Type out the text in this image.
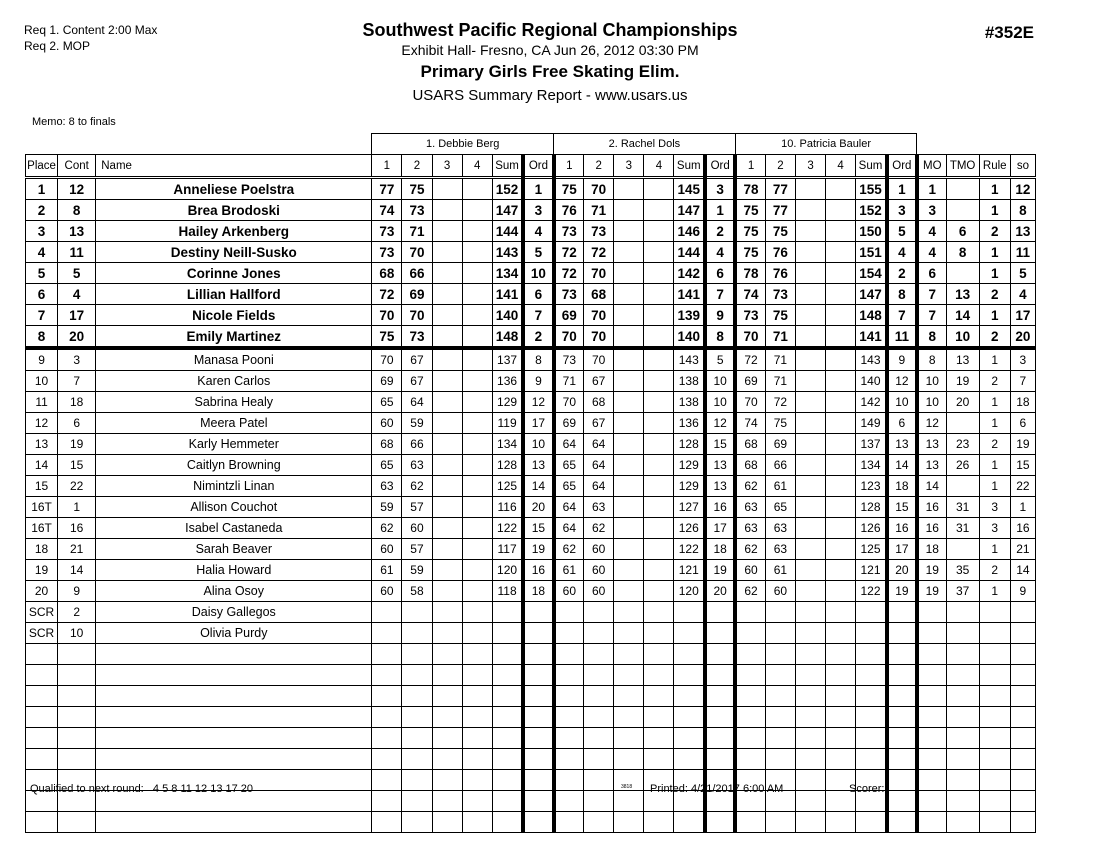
Req 1. Content 2:00 Max
Req 2. MOP
Memo: 8 to finals
Southwest Pacific Regional Championships
Exhibit Hall- Fresno, CA Jun 26, 2012 03:30 PM
Primary Girls Free Skating Elim.
USARS Summary Report - www.usars.us
#352E
			1. Debbie Berg						2. Rachel Dols						10. Patricia Bauler									
Place	Cont	Name	1	2	3	4	Sum	Ord	1	2	3	4	Sum	Ord	1	2	3	4	Sum	Ord	MO	TMO	Rule	so
1	12	Anneliese Poelstra	77	75			152	1	75	70			145	3	78	77			155	1	1		1	12
2	8	Brea Brodoski	74	73			147	3	76	71			147	1	75	77			152	3	3		1	8
3	13	Hailey Arkenberg	73	71			144	4	73	73			146	2	75	75			150	5	4	6	2	13
4	11	Destiny Neill-Susko	73	70			143	5	72	72			144	4	75	76			151	4	4	8	1	11
5	5	Corinne Jones	68	66			134	10	72	70			142	6	78	76			154	2	6		1	5
6	4	Lillian Hallford	72	69			141	6	73	68			141	7	74	73			147	8	7	13	2	4
7	17	Nicole Fields	70	70			140	7	69	70			139	9	73	75			148	7	7	14	1	17
8	20	Emily Martinez	75	73			148	2	70	70			140	8	70	71			141	11	8	10	2	20
9	3	Manasa Pooni	70	67			137	8	73	70			143	5	72	71			143	9	8	13	1	3
10	7	Karen Carlos	69	67			136	9	71	67			138	10	69	71			140	12	10	19	2	7
11	18	Sabrina Healy	65	64			129	12	70	68			138	10	70	72			142	10	10	20	1	18
12	6	Meera Patel	60	59			119	17	69	67			136	12	74	75			149	6	12		1	6
13	19	Karly Hemmeter	68	66			134	10	64	64			128	15	68	69			137	13	13	23	2	19
14	15	Caitlyn Browning	65	63			128	13	65	64			129	13	68	66			134	14	13	26	1	15
15	22	Nimintzli Linan	63	62			125	14	65	64			129	13	62	61			123	18	14		1	22
16T	1	Allison Couchot	59	57			116	20	64	63			127	16	63	65			128	15	16	31	3	1
16T	16	Isabel Castaneda	62	60			122	15	64	62			126	17	63	63			126	16	16	31	3	16
18	21	Sarah Beaver	60	57			117	19	62	60			122	18	62	63			125	17	18		1	21
19	14	Halia Howard	61	59			120	16	61	60			121	19	60	61			121	20	19	35	2	14
20	9	Alina Osoy	60	58			118	18	60	60			120	20	62	60			122	19	19	37	1	9
SCR	2	Daisy Gallegos																						
SCR	10	Olivia Purdy																						

Qualified to next round: 4 5 8 11 12 13 17 20	3818 Printed: 4/21/2017 6:00 AM	Scorer:
